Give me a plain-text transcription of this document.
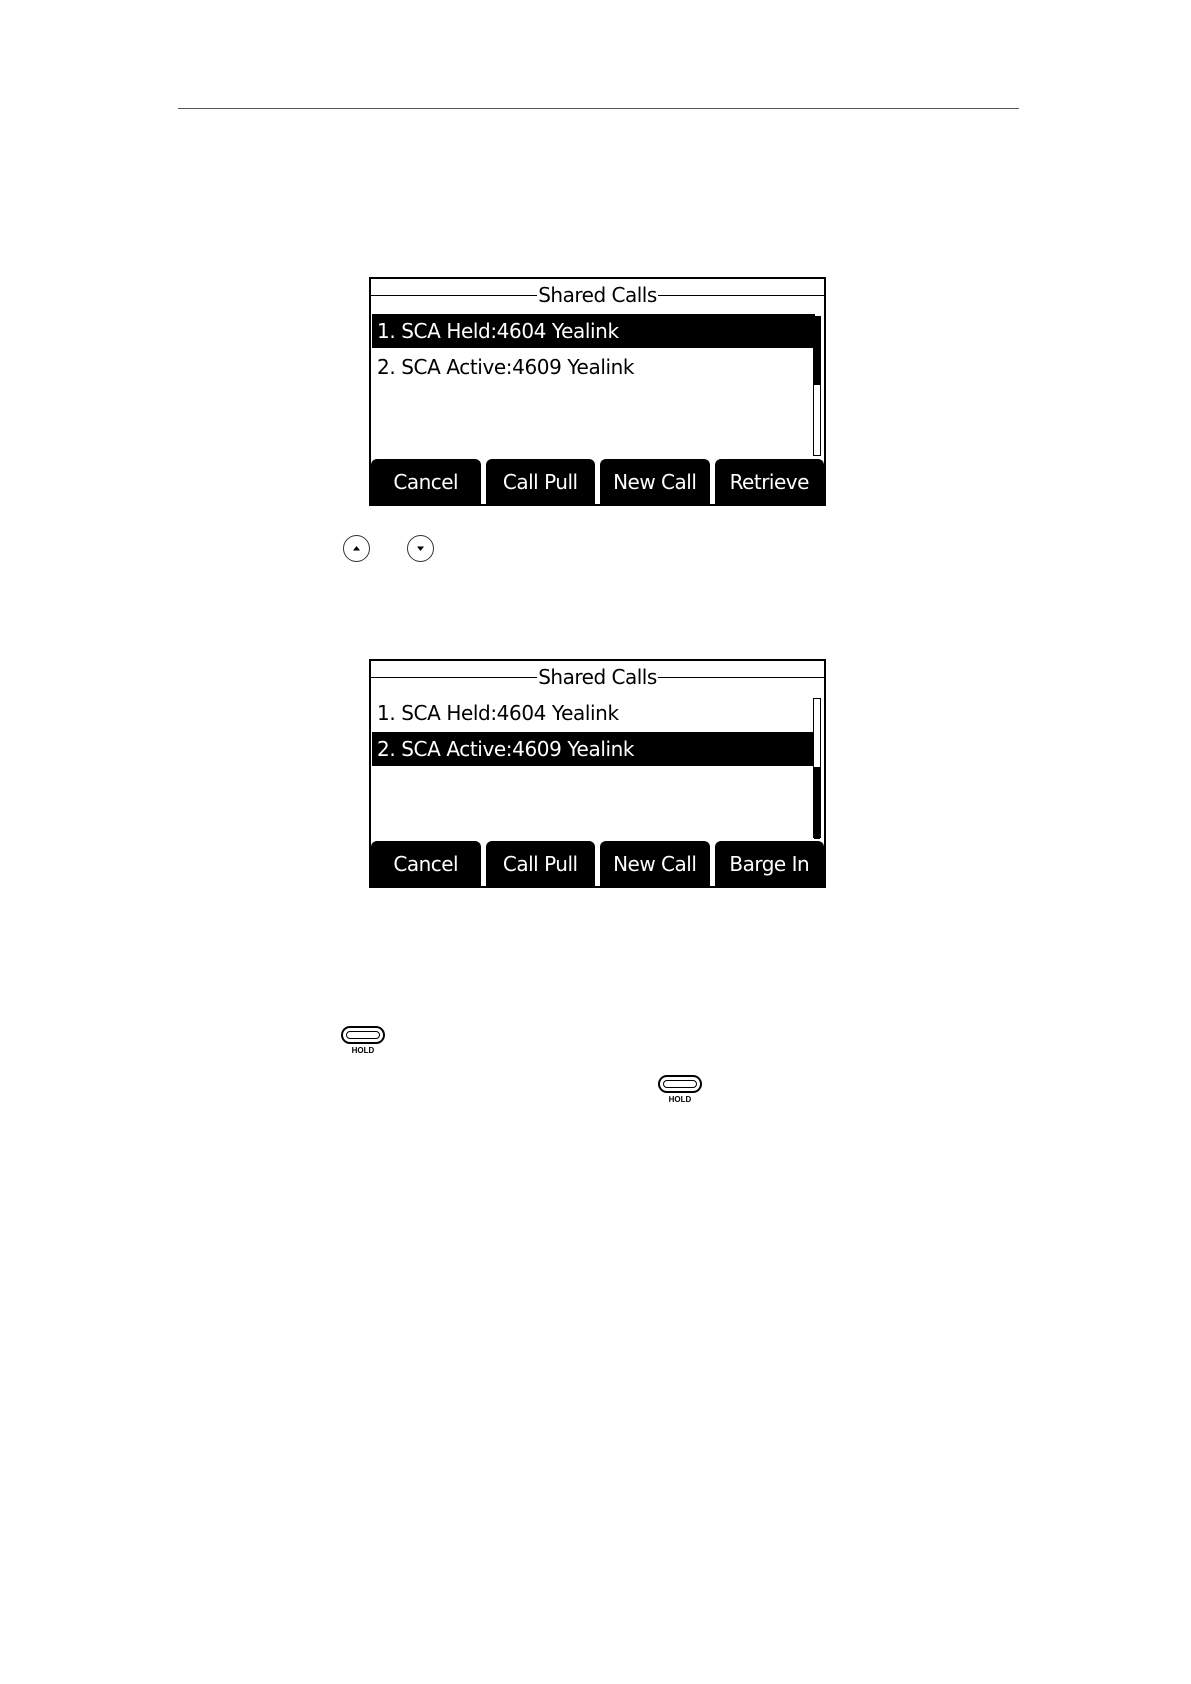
Shared Calls
1. SCA Held:4604 Yealink
2. SCA Active:4609 Yealink
Cancel	Call Pull	New Call	Retrieve
Shared Calls
1. SCA Held:4604 Yealink
2. SCA Active:4609 Yealink
Cancel	Call Pull	New Call	Barge In
HOLD
HOLD
